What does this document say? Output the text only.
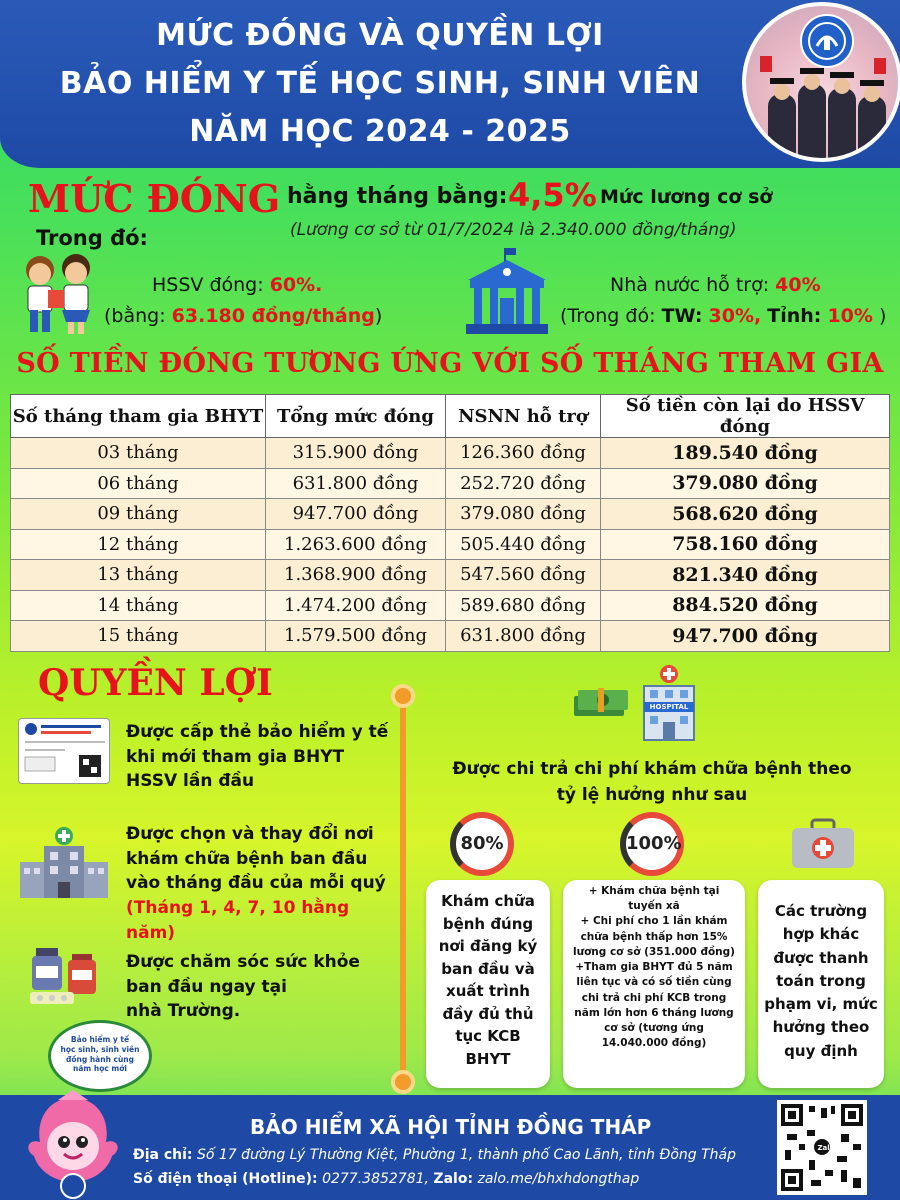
MỨC ĐÓNG VÀ QUYỀN LỢI
BẢO HIỂM Y TẾ HỌC SINH, SINH VIÊN
NĂM HỌC 2024 - 2025
MỨC ĐÓNG hằng tháng bằng: 4,5% Mức lương cơ sở
(Lương cơ sở từ 01/7/2024 là 2.340.000 đồng/tháng)
Trong đó:
HSSV đóng: 60%.
(bằng: 63.180 đồng/tháng)
Nhà nước hỗ trợ: 40%
(Trong đó: TW: 30%, Tỉnh: 10% )
SỐ TIỀN ĐÓNG TƯƠNG ỨNG VỚI SỐ THÁNG THAM GIA
Số tháng tham gia BHYT	Tổng mức đóng	NSNN hỗ trợ	Số tiền còn lại do HSSV đóng
03 tháng	315.900 đồng	126.360 đồng	189.540 đồng
06 tháng	631.800 đồng	252.720 đồng	379.080 đồng
09 tháng	947.700 đồng	379.080 đồng	568.620 đồng
12 tháng	1.263.600 đồng	505.440 đồng	758.160 đồng
13 tháng	1.368.900 đồng	547.560 đồng	821.340 đồng
14 tháng	1.474.200 đồng	589.680 đồng	884.520 đồng
15 tháng	1.579.500 đồng	631.800 đồng	947.700 đồng
QUYỀN LỢI
Được cấp thẻ bảo hiểm y tế
khi mới tham gia BHYT
HSSV lần đầu
Được chọn và thay đổi nơi
khám chữa bệnh ban đầu
vào tháng đầu của mỗi quý
(Tháng 1, 4, 7, 10 hằng năm)
Được chăm sóc sức khỏe
ban đầu ngay tại
nhà Trường.
Bảo hiểm y tế
học sinh, sinh viên
đồng hành cùng
năm học mới
HOSPITAL
Được chi trả chi phí khám chữa bệnh theo
tỷ lệ hưởng như sau
80%	100%
Khám chữa
bệnh đúng
nơi đăng ký
ban đầu và
xuất trình
đầy đủ thủ
tục KCB
BHYT
+ Khám chữa bệnh tại
tuyến xã
+ Chi phí cho 1 lần khám
chữa bệnh thấp hơn 15%
lương cơ sở (351.000 đồng)
+Tham gia BHYT đủ 5 năm
liên tục và có số tiền cùng
chi trả chi phí KCB trong
năm lớn hơn 6 tháng lương
cơ sở (tương ứng
14.040.000 đồng)
Các trường
hợp khác
được thanh
toán trong
phạm vi, mức
hưởng theo
quy định
BẢO HIỂM XÃ HỘI TỈNH ĐỒNG THÁP
Địa chỉ: Số 17 đường Lý Thường Kiệt, Phường 1, thành phố Cao Lãnh, tỉnh Đồng Tháp
Số điện thoại (Hotline): 0277.3852781, Zalo: zalo.me/bhxhdongthap
Zalo
